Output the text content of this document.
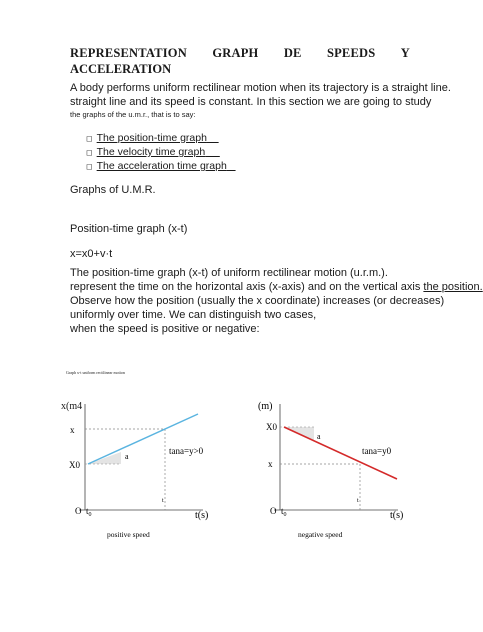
REPRESENTATION GRAPH DE SPEEDS Y
ACCELERATION
A body performs uniform rectilinear motion when its trajectory is a straight line.
straight line and its speed is constant. In this section we are going to study
the graphs of the u.m.r., that is to say:
◻ The position-time graph
◻ The velocity time graph
◻ The acceleration time graph
Graphs of U.M.R.
Position-time graph (x-t)
x=x0+v·t
The position-time graph (x-t) of uniform rectilinear motion (u.r.m.).
represent the time on the horizontal axis (x-axis) and on the vertical axis the position.
Observe how the position (usually the x coordinate) increases (or decreases)
uniformly over time. We can distinguish two cases,
when the speed is positive or negative:
Graph x-t uniform rectilinear motion
x(m4
x
X0
a
tana=y>0
O $t_0$
t
t(s)
positive speed
(m)
X0
x
a
tana=y0
O $t_0$
t
t(s)
negative speed
